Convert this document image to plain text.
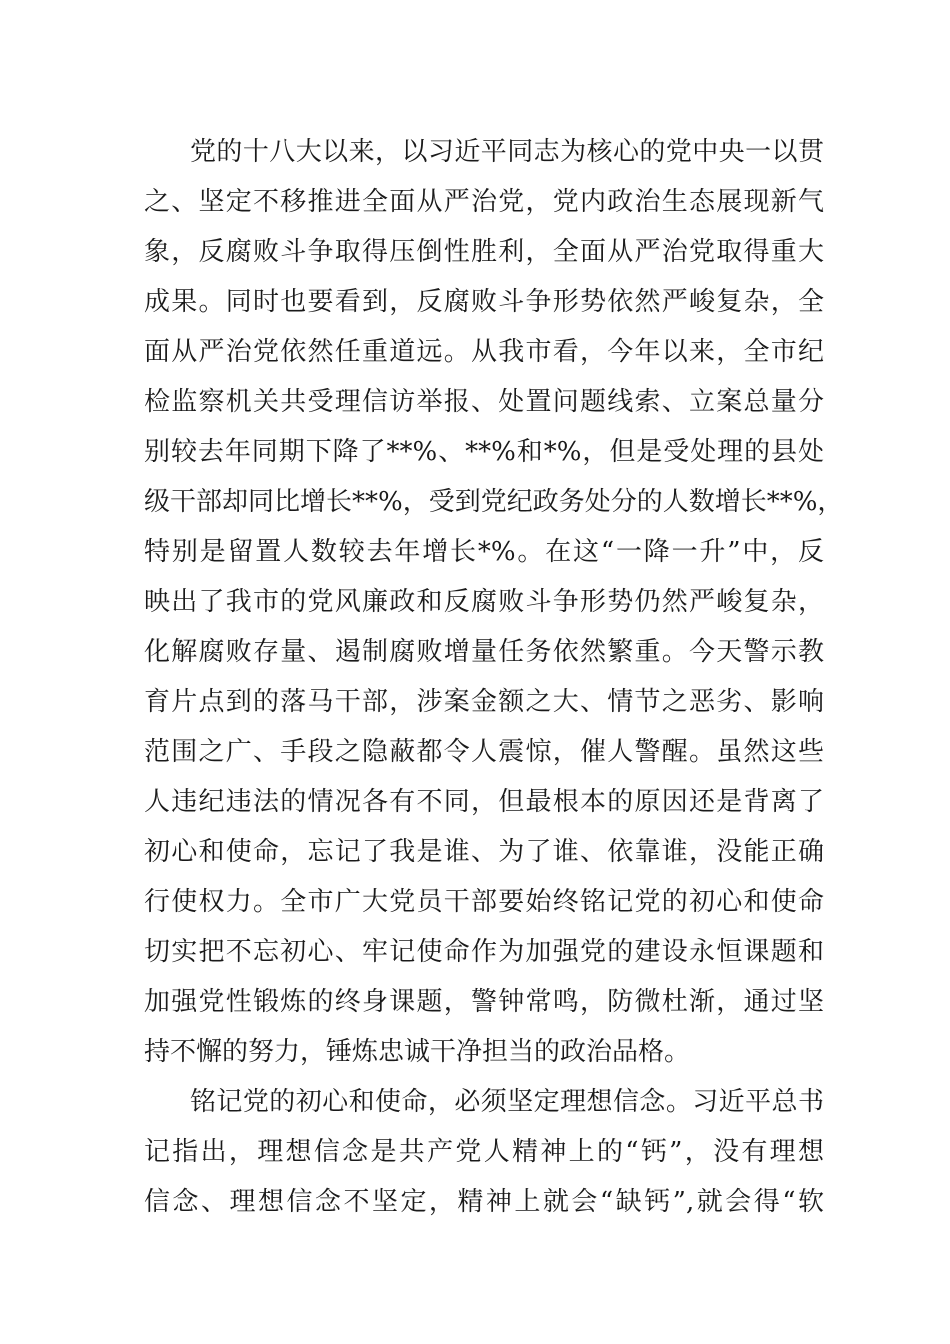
党的十八大以来，以习近平同志为核心的党中央一以贯
之、坚定不移推进全面从严治党，党内政治生态展现新气
象，反腐败斗争取得压倒性胜利，全面从严治党取得重大
成果。同时也要看到，反腐败斗争形势依然严峻复杂，全
面从严治党依然任重道远。从我市看，今年以来，全市纪
检监察机关共受理信访举报、处置问题线索、立案总量分
别较去年同期下降了**%、**%和*%，但是受处理的县处
级干部却同比增长**%，受到党纪政务处分的人数增长**%，
特别是留置人数较去年增长*%。在这“一降一升”中，反
映出了我市的党风廉政和反腐败斗争形势仍然严峻复杂，
化解腐败存量、遏制腐败增量任务依然繁重。今天警示教
育片点到的落马干部，涉案金额之大、情节之恶劣、影响
范围之广、手段之隐蔽都令人震惊，催人警醒。虽然这些
人违纪违法的情况各有不同，但最根本的原因还是背离了
初心和使命，忘记了我是谁、为了谁、依靠谁，没能正确
行使权力。全市广大党员干部要始终铭记党的初心和使命
切实把不忘初心、牢记使命作为加强党的建设永恒课题和
加强党性锻炼的终身课题，警钟常鸣，防微杜渐，通过坚
持不懈的努力，锤炼忠诚干净担当的政治品格。
铭记党的初心和使命，必须坚定理想信念。习近平总书
记指出，理想信念是共产党人精神上的“钙”，没有理想
信念、理想信念不坚定，精神上就会“缺钙”,就会得“软
